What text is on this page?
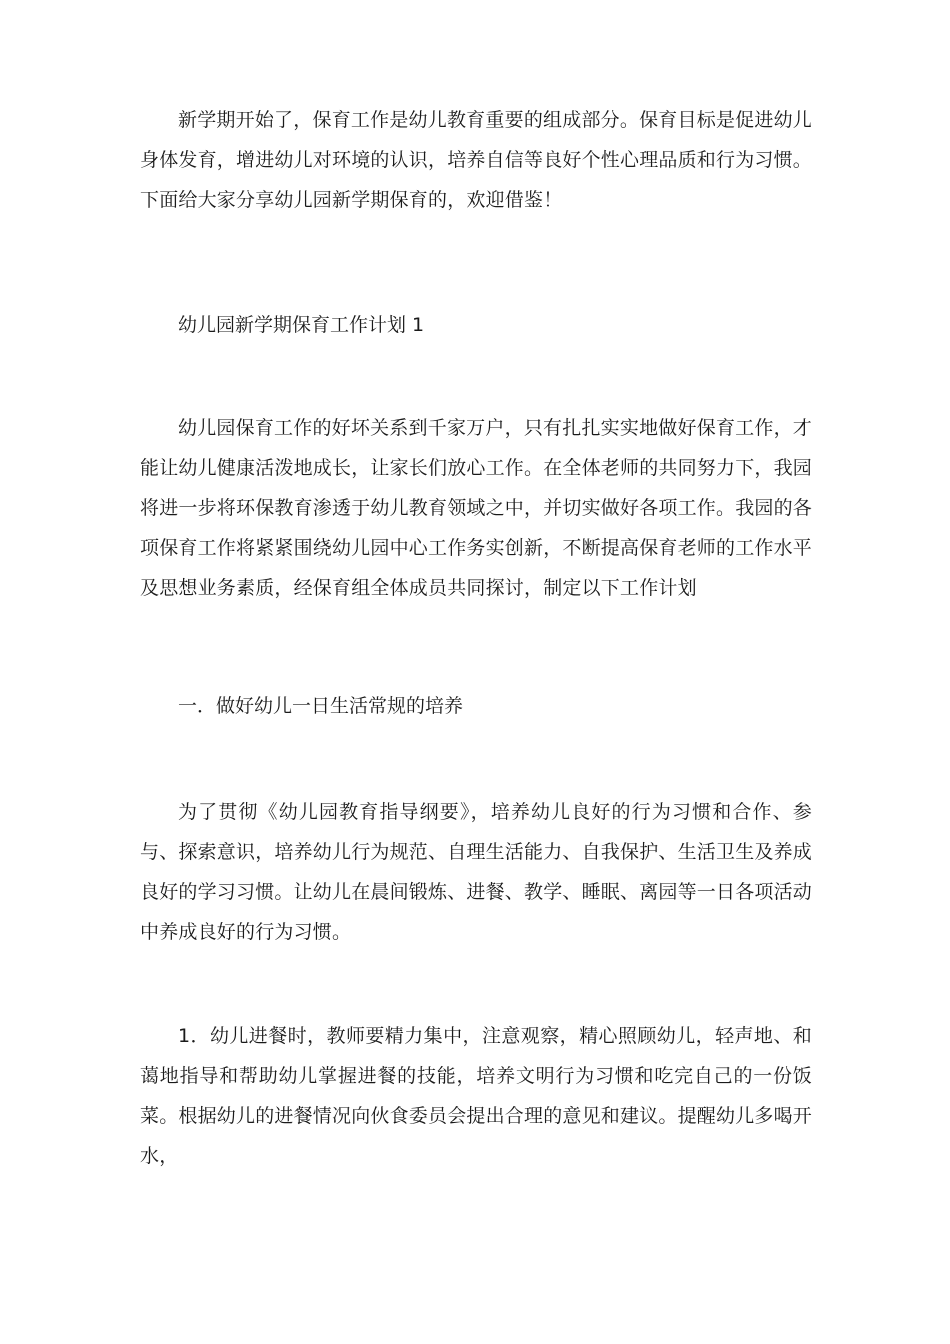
新学期开始了，保育工作是幼儿教育重要的组成部分。保育目标是促进幼儿身体发育，增进幼儿对环境的认识，培养自信等良好个性心理品质和行为习惯。下面给大家分享幼儿园新学期保育的，欢迎借鉴！

幼儿园新学期保育工作计划 1

幼儿园保育工作的好坏关系到千家万户，只有扎扎实实地做好保育工作，才能让幼儿健康活泼地成长，让家长们放心工作。在全体老师的共同努力下，我园将进一步将环保教育渗透于幼儿教育领域之中，并切实做好各项工作。我园的各项保育工作将紧紧围绕幼儿园中心工作务实创新，不断提高保育老师的工作水平及思想业务素质，经保育组全体成员共同探讨，制定以下工作计划

一．做好幼儿一日生活常规的培养

为了贯彻《幼儿园教育指导纲要》，培养幼儿良好的行为习惯和合作、参与、探索意识，培养幼儿行为规范、自理生活能力、自我保护、生活卫生及养成良好的学习习惯。让幼儿在晨间锻炼、进餐、教学、睡眠、离园等一日各项活动中养成良好的行为习惯。

1．幼儿进餐时，教师要精力集中，注意观察，精心照顾幼儿，轻声地、和蔼地指导和帮助幼儿掌握进餐的技能，培养文明行为习惯和吃完自己的一份饭菜。根据幼儿的进餐情况向伙食委员会提出合理的意见和建议。提醒幼儿多喝开水，
